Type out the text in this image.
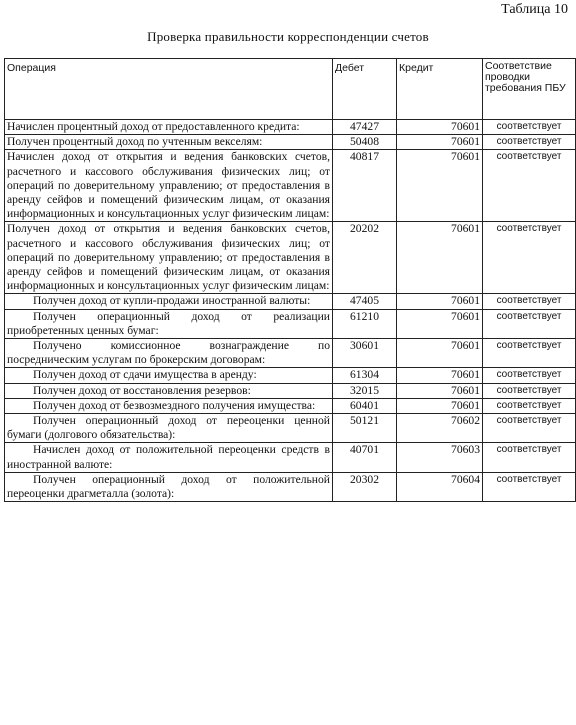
Таблица 10
Проверка правильности корреспонденции счетов
Операция	Дебет	Кредит	Соответствие проводки требования ПБУ
Начислен процентный доход от предоставленного кредита:	47427	70601	соответствует
Получен процентный доход по учтенным векселям:	50408	70601	соответствует
Начислен доход от открытия и ведения банковских счетов, расчетного и кассового обслуживания физических лиц; от операций по доверительному управлению; от предоставления в аренду сейфов и помещений физическим лицам, от оказания информационных и консультационных услуг физическим лицам:	40817	70601	соответствует
Получен доход от открытия и ведения банковских счетов, расчетного и кассового обслуживания физических лиц; от операций по доверительному управлению; от предоставления в аренду сейфов и помещений физическим лицам, от оказания информационных и консультационных услуг физическим лицам:	20202	70601	соответствует
Получен доход от купли-продажи иностранной валюты:	47405	70601	соответствует
Получен операционный доход от реализации приобретенных ценных бумаг:	61210	70601	соответствует
Получено комиссионное вознаграждение по посредническим услугам по брокерским договорам:	30601	70601	соответствует
Получен доход от сдачи имущества в аренду:	61304	70601	соответствует
Получен доход от восстановления резервов:	32015	70601	соответствует
Получен доход от безвозмездного получения имущества:	60401	70601	соответствует
Получен операционный доход от переоценки ценной бумаги (долгового обязательства):	50121	70602	соответствует
Начислен доход от положительной переоценки средств в иностранной валюте:	40701	70603	соответствует
Получен операционный доход от положительной переоценки драгметалла (золота):	20302	70604	соответствует
